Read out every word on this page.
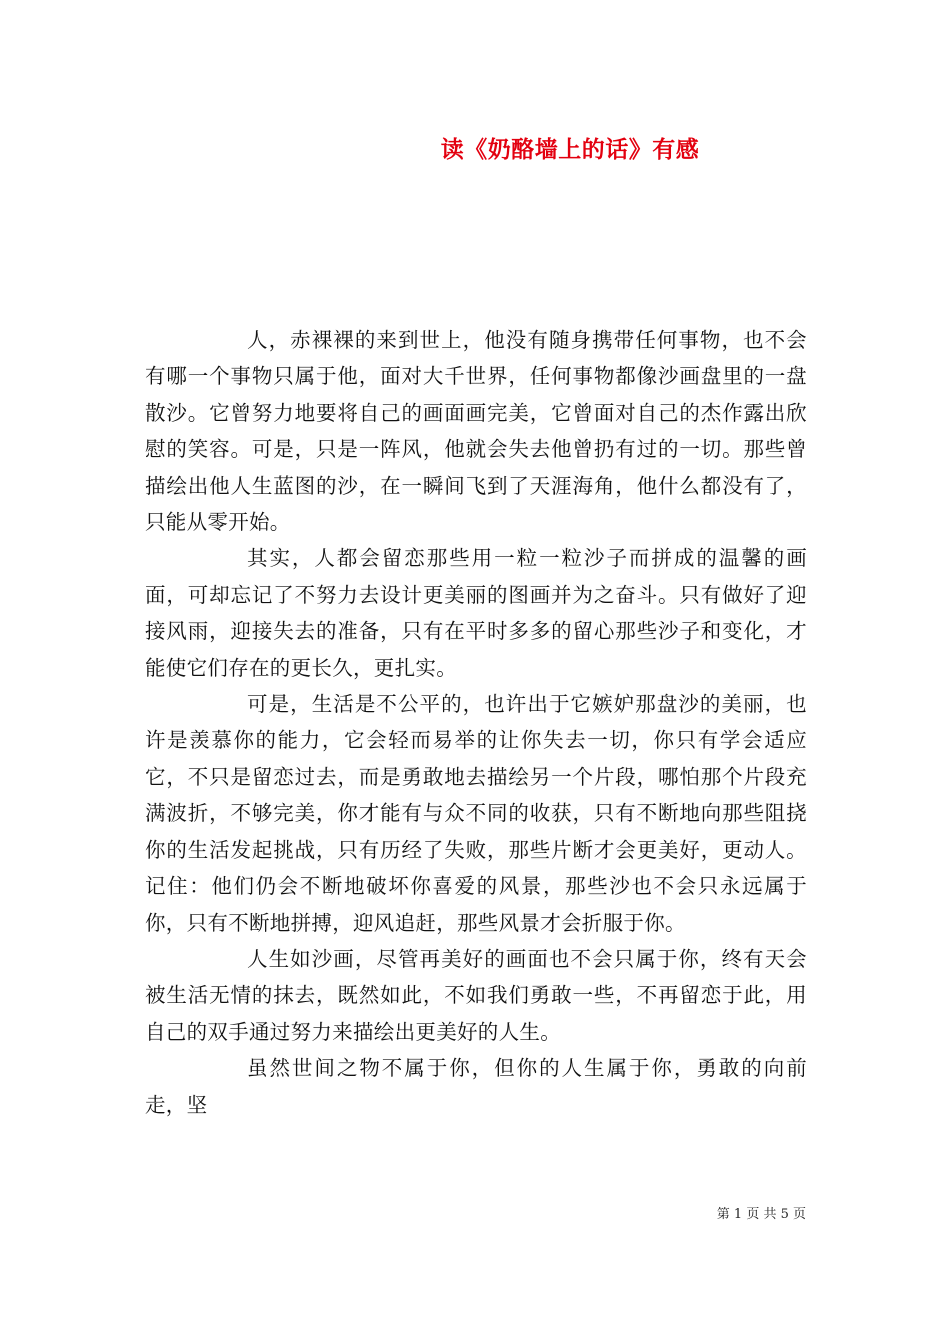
读《奶酪墙上的话》有感

人，赤裸裸的来到世上，他没有随身携带任何事物，也不会有哪一个事物只属于他，面对大千世界，任何事物都像沙画盘里的一盘散沙。它曾努力地要将自己的画面画完美，它曾面对自己的杰作露出欣慰的笑容。可是，只是一阵风，他就会失去他曾扔有过的一切。那些曾描绘出他人生蓝图的沙，在一瞬间飞到了天涯海角，他什么都没有了，只能从零开始。

其实，人都会留恋那些用一粒一粒沙子而拼成的温馨的画面，可却忘记了不努力去设计更美丽的图画并为之奋斗。只有做好了迎接风雨，迎接失去的准备，只有在平时多多的留心那些沙子和变化，才能使它们存在的更长久，更扎实。

可是，生活是不公平的，也许出于它嫉妒那盘沙的美丽，也许是羡慕你的能力，它会轻而易举的让你失去一切，你只有学会适应它，不只是留恋过去，而是勇敢地去描绘另一个片段，哪怕那个片段充满波折，不够完美，你才能有与众不同的收获，只有不断地向那些阻挠你的生活发起挑战，只有历经了失败，那些片断才会更美好，更动人。记住：他们仍会不断地破坏你喜爱的风景，那些沙也不会只永远属于你，只有不断地拼搏，迎风追赶，那些风景才会折服于你。

人生如沙画，尽管再美好的画面也不会只属于你，终有天会被生活无情的抹去，既然如此，不如我们勇敢一些，不再留恋于此，用自己的双手通过努力来描绘出更美好的人生。

虽然世间之物不属于你，但你的人生属于你，勇敢的向前走，坚

第 1 页 共 5 页
